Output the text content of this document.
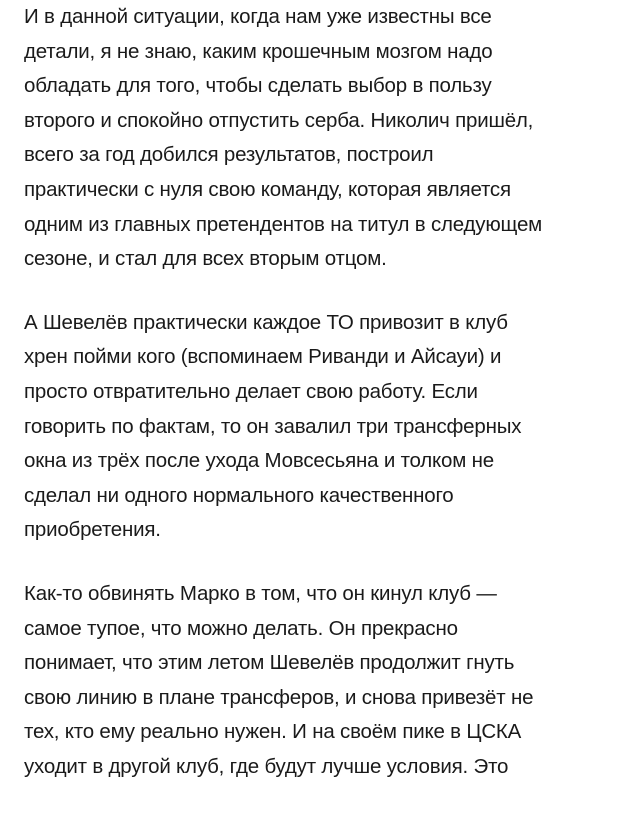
И в данной ситуации, когда нам уже известны все
детали, я не знаю, каким крошечным мозгом надо
обладать для того, чтобы сделать выбор в пользу
второго и спокойно отпустить серба. Николич пришёл,
всего за год добился результатов, построил
практически с нуля свою команду, которая является
одним из главных претендентов на титул в следующем
сезоне, и стал для всех вторым отцом.
А Шевелёв практически каждое ТО привозит в клуб
хрен пойми кого (вспоминаем Риванди и Айсауи) и
просто отвратительно делает свою работу. Если
говорить по фактам, то он завалил три трансферных
окна из трёх после ухода Мовсесьяна и толком не
сделал ни одного нормального качественного
приобретения.
Как-то обвинять Марко в том, что он кинул клуб —
самое тупое, что можно делать. Он прекрасно
понимает, что этим летом Шевелёв продолжит гнуть
свою линию в плане трансферов, и снова привезёт не
тех, кто ему реально нужен. И на своём пике в ЦСКА
уходит в другой клуб, где будут лучше условия. Это
